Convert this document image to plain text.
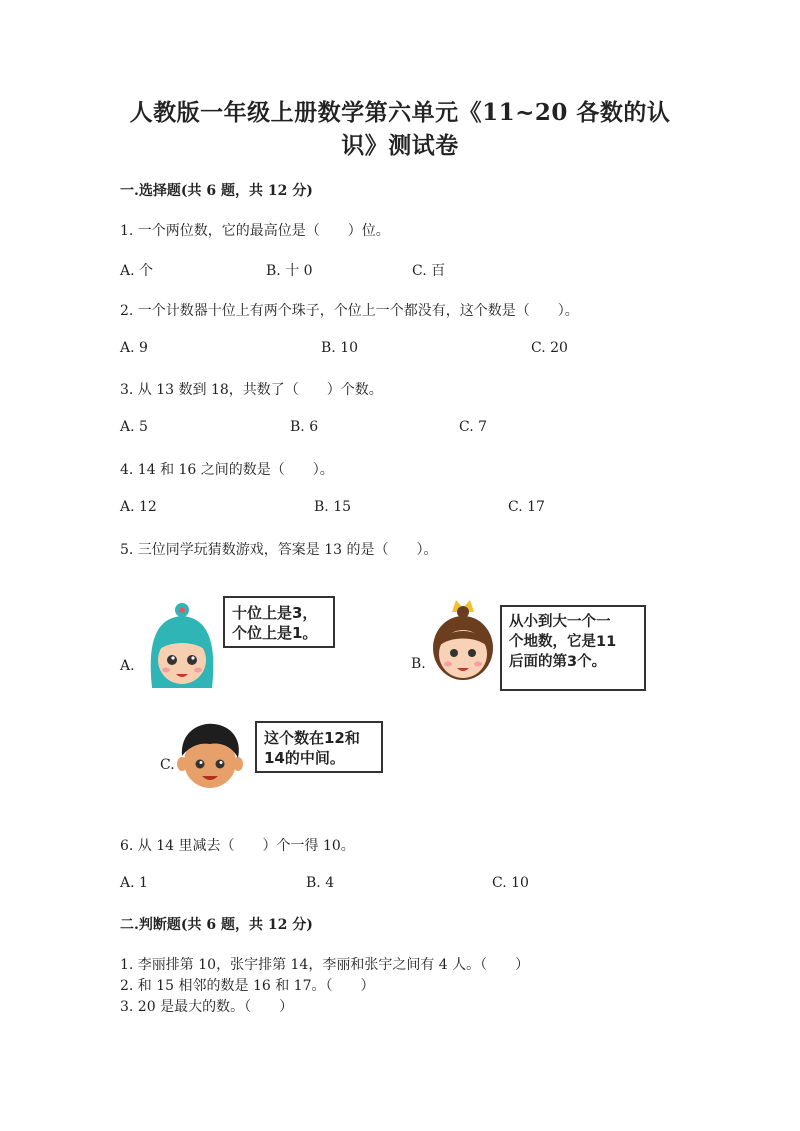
人教版一年级上册数学第六单元《11~20 各数的认
识》测试卷
一.选择题(共 6 题，共 12 分)
1. 一个两位数，它的最高位是（　　）位。
A. 个	B. 十 0	C. 百
2. 一个计数器十位上有两个珠子，个位上一个都没有，这个数是（　　）。
A. 9	B. 10	C. 20
3. 从 13 数到 18，共数了（　　）个数。
A. 5	B. 6	C. 7
4. 14 和 16 之间的数是（　　）。
A. 12	B. 15	C. 17
5. 三位同学玩猜数游戏，答案是 13 的是（　　）。
A.
十位上是3，
个位上是1。
B.
从小到大一个一
个地数，它是11
后面的第3个。
C.
这个数在12和
14的中间。
6. 从 14 里减去（　　）个一得 10。
A. 1	B. 4	C. 10
二.判断题(共 6 题，共 12 分)
1. 李丽排第 10，张宇排第 14，李丽和张宇之间有 4 人。（　　）
2. 和 15 相邻的数是 16 和 17。（　　）
3. 20 是最大的数。（　　）
